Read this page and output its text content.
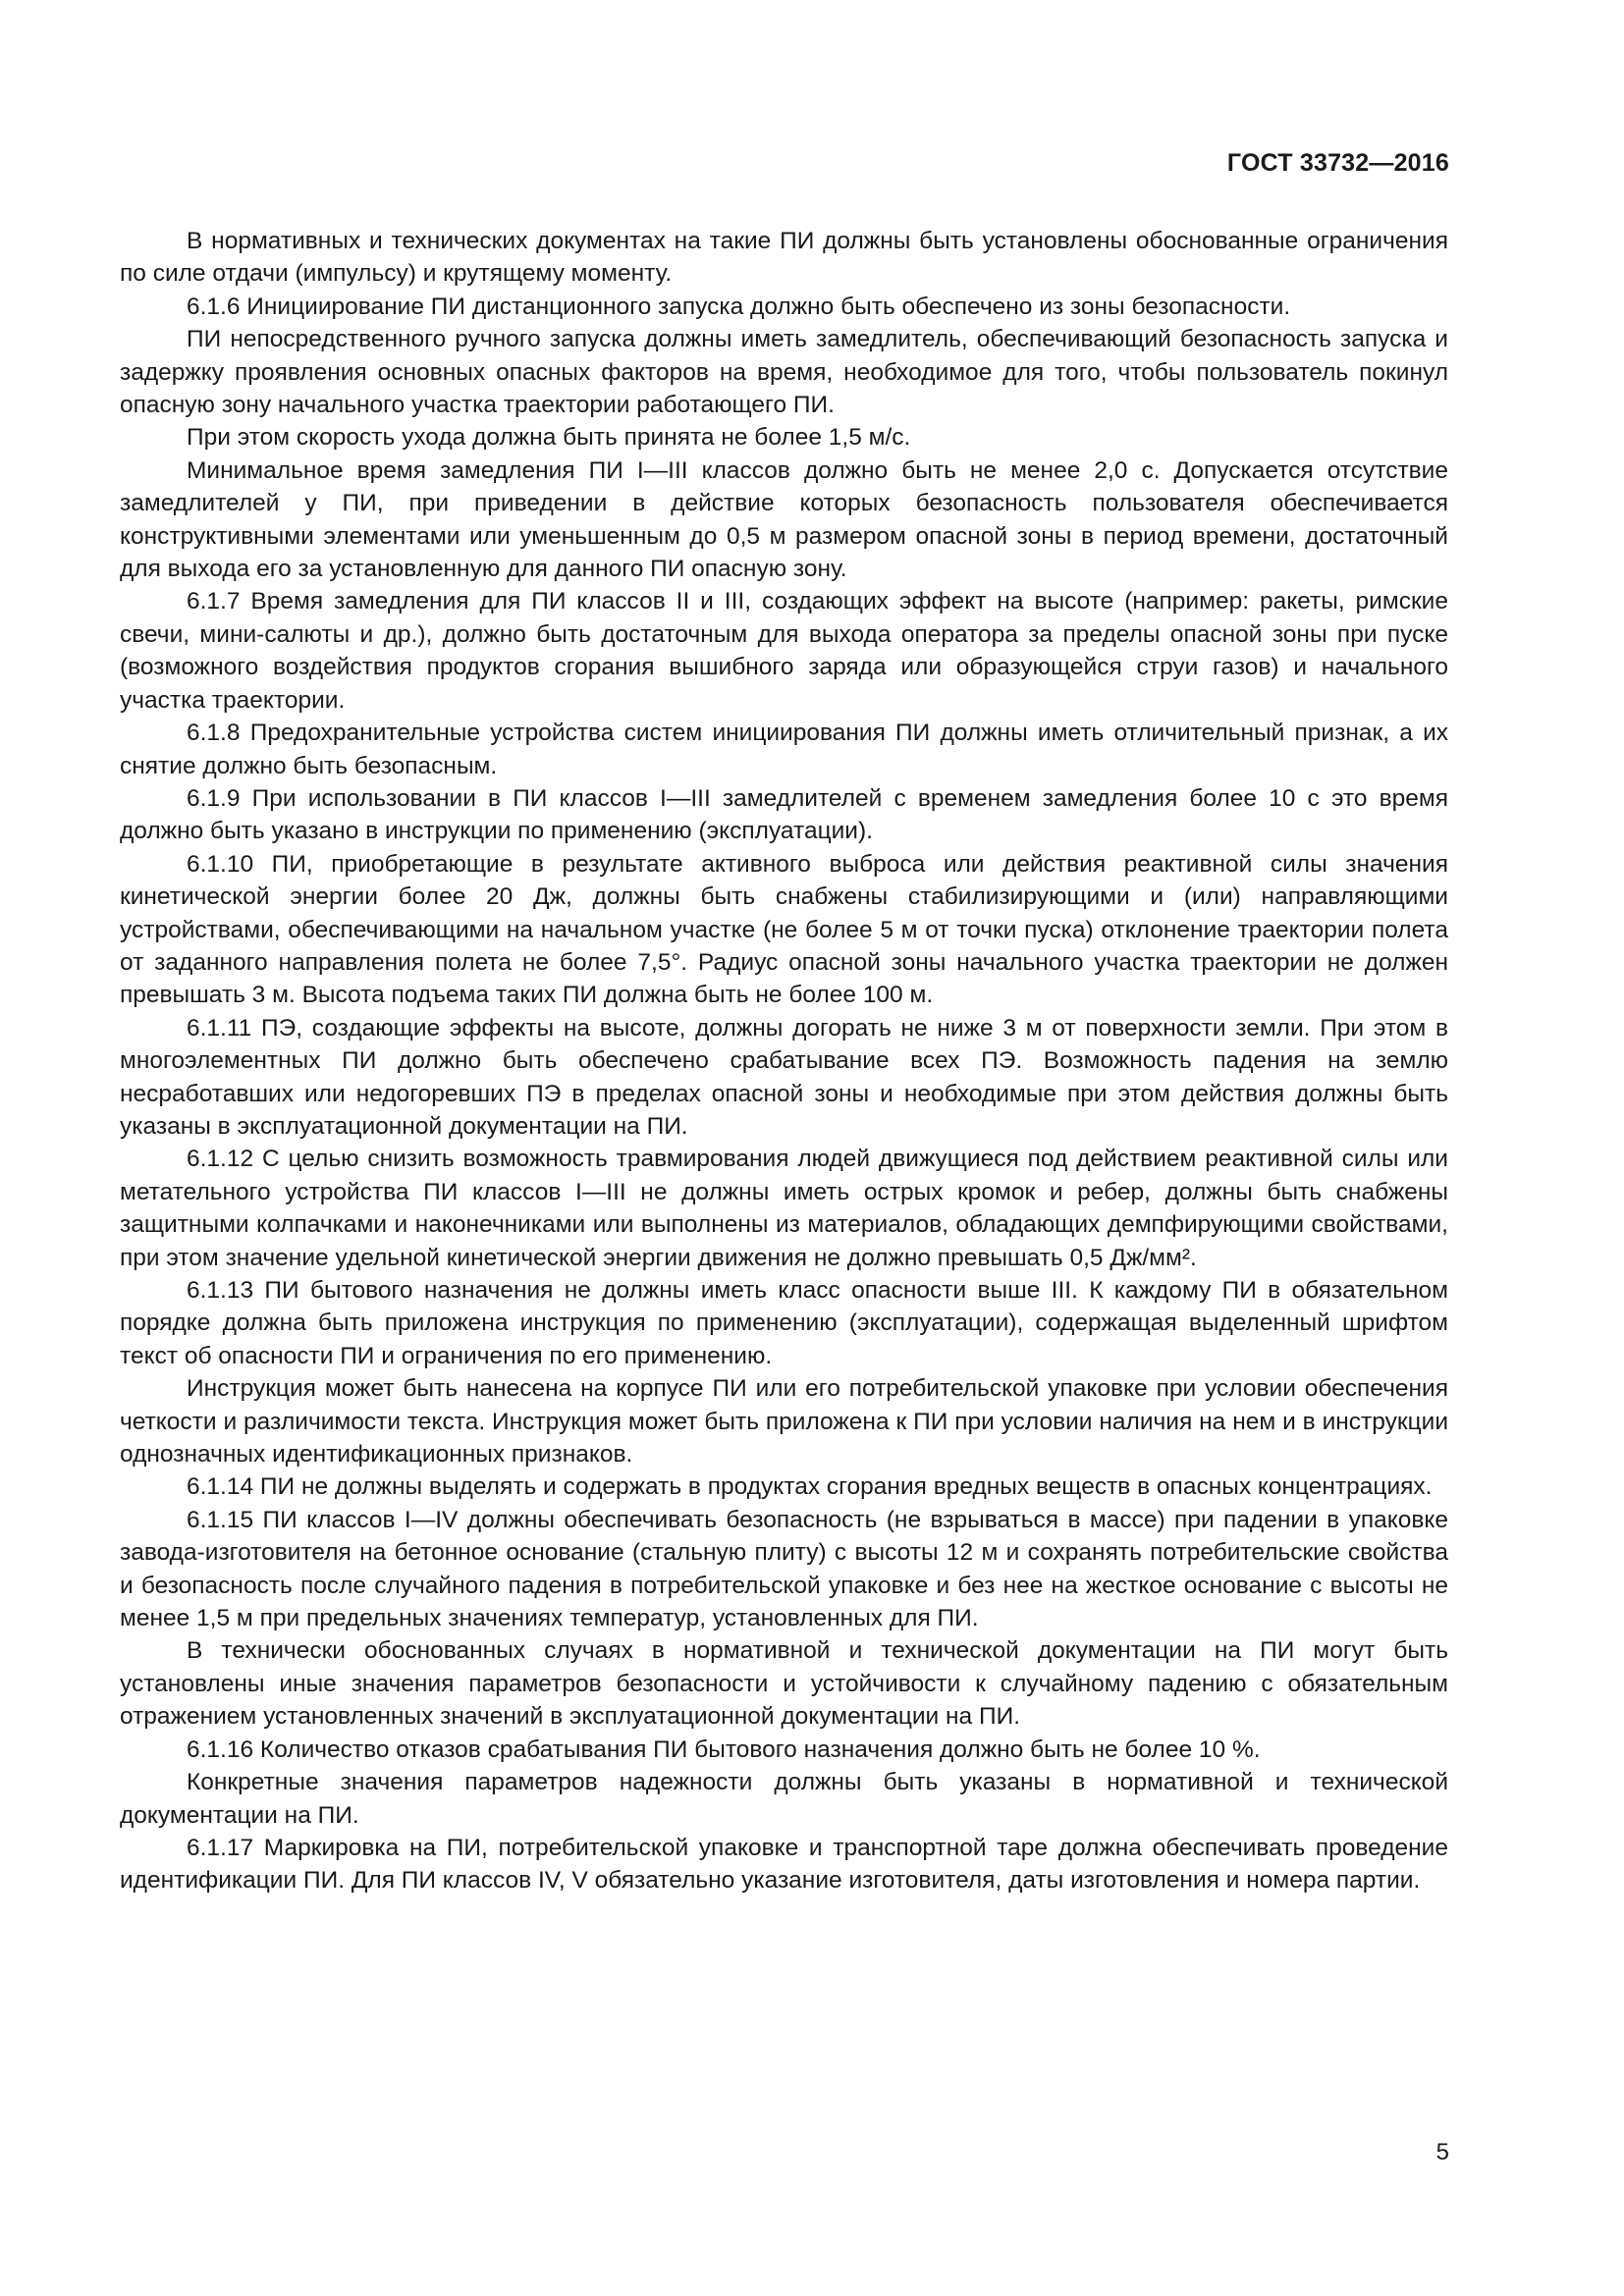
ГОСТ 33732—2016

В нормативных и технических документах на такие ПИ должны быть установлены обоснованные ограничения по силе отдачи (импульсу) и крутящему моменту.

6.1.6 Инициирование ПИ дистанционного запуска должно быть обеспечено из зоны безопасности.

ПИ непосредственного ручного запуска должны иметь замедлитель, обеспечивающий безопасность запуска и задержку проявления основных опасных факторов на время, необходимое для того, чтобы пользователь покинул опасную зону начального участка траектории работающего ПИ.

При этом скорость ухода должна быть принята не более 1,5 м/с.

Минимальное время замедления ПИ I—III классов должно быть не менее 2,0 с. Допускается отсутствие замедлителей у ПИ, при приведении в действие которых безопасность пользователя обеспечивается конструктивными элементами или уменьшенным до 0,5 м размером опасной зоны в период времени, достаточный для выхода его за установленную для данного ПИ опасную зону.

6.1.7 Время замедления для ПИ классов II и III, создающих эффект на высоте (например: ракеты, римские свечи, мини-салюты и др.), должно быть достаточным для выхода оператора за пределы опасной зоны при пуске (возможного воздействия продуктов сгорания вышибного заряда или образующейся струи газов) и начального участка траектории.

6.1.8 Предохранительные устройства систем инициирования ПИ должны иметь отличительный признак, а их снятие должно быть безопасным.

6.1.9 При использовании в ПИ классов I—III замедлителей с временем замедления более 10 с это время должно быть указано в инструкции по применению (эксплуатации).

6.1.10 ПИ, приобретающие в результате активного выброса или действия реактивной силы значения кинетической энергии более 20 Дж, должны быть снабжены стабилизирующими и (или) направляющими устройствами, обеспечивающими на начальном участке (не более 5 м от точки пуска) отклонение траектории полета от заданного направления полета не более 7,5°. Радиус опасной зоны начального участка траектории не должен превышать 3 м. Высота подъема таких ПИ должна быть не более 100 м.

6.1.11 ПЭ, создающие эффекты на высоте, должны догорать не ниже 3 м от поверхности земли. При этом в многоэлементных ПИ должно быть обеспечено срабатывание всех ПЭ. Возможность падения на землю несработавших или недогоревших ПЭ в пределах опасной зоны и необходимые при этом действия должны быть указаны в эксплуатационной документации на ПИ.

6.1.12 С целью снизить возможность травмирования людей движущиеся под действием реактивной силы или метательного устройства ПИ классов I—III не должны иметь острых кромок и ребер, должны быть снабжены защитными колпачками и наконечниками или выполнены из материалов, обладающих демпфирующими свойствами, при этом значение удельной кинетической энергии движения не должно превышать 0,5 Дж/мм².

6.1.13 ПИ бытового назначения не должны иметь класс опасности выше III. К каждому ПИ в обязательном порядке должна быть приложена инструкция по применению (эксплуатации), содержащая выделенный шрифтом текст об опасности ПИ и ограничения по его применению.

Инструкция может быть нанесена на корпусе ПИ или его потребительской упаковке при условии обеспечения четкости и различимости текста. Инструкция может быть приложена к ПИ при условии наличия на нем и в инструкции однозначных идентификационных признаков.

6.1.14 ПИ не должны выделять и содержать в продуктах сгорания вредных веществ в опасных концентрациях.

6.1.15 ПИ классов I—IV должны обеспечивать безопасность (не взрываться в массе) при падении в упаковке завода-изготовителя на бетонное основание (стальную плиту) с высоты 12 м и сохранять потребительские свойства и безопасность после случайного падения в потребительской упаковке и без нее на жесткое основание с высоты не менее 1,5 м при предельных значениях температур, установленных для ПИ.

В технически обоснованных случаях в нормативной и технической документации на ПИ могут быть установлены иные значения параметров безопасности и устойчивости к случайному падению с обязательным отражением установленных значений в эксплуатационной документации на ПИ.

6.1.16 Количество отказов срабатывания ПИ бытового назначения должно быть не более 10 %.

Конкретные значения параметров надежности должны быть указаны в нормативной и технической документации на ПИ.

6.1.17 Маркировка на ПИ, потребительской упаковке и транспортной таре должна обеспечивать проведение идентификации ПИ. Для ПИ классов IV, V обязательно указание изготовителя, даты изготовления и номера партии.

5
